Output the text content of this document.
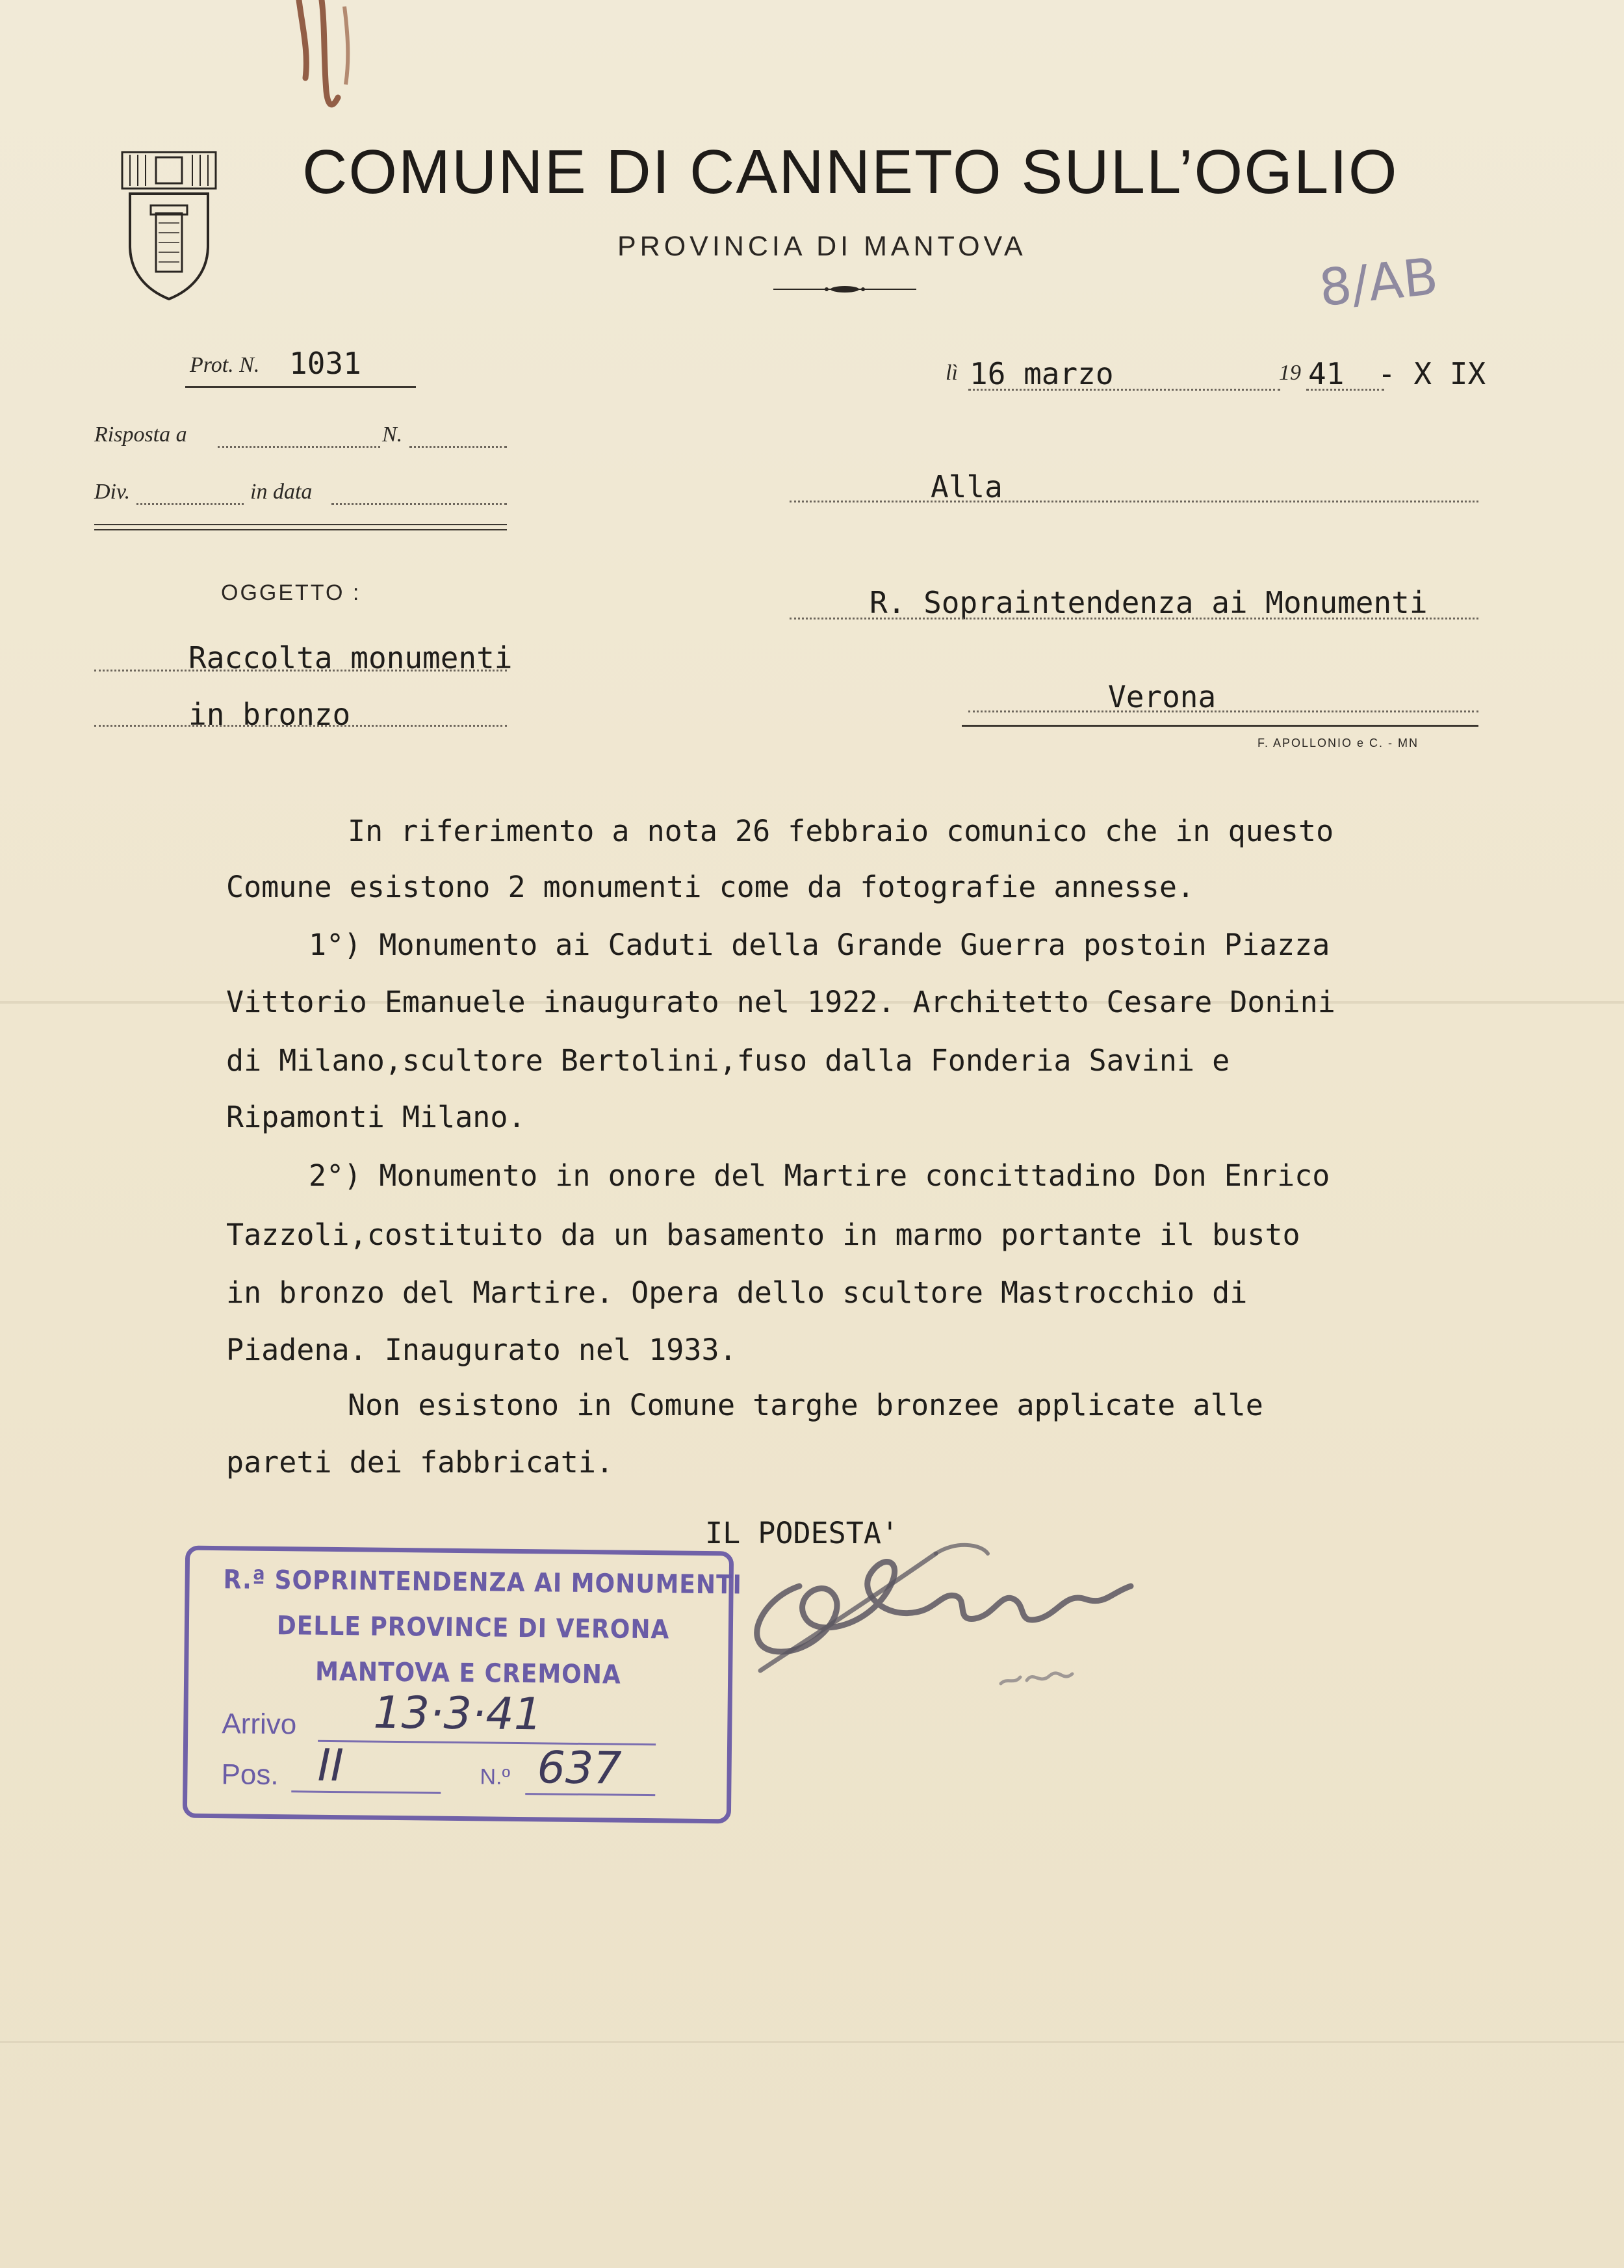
COMUNE DI CANNETO SULL’OGLIO
PROVINCIA DI MANTOVA
8/AB
Prot. N. 1031
Risposta a	N.
Div.	in data
lì 16 marzo	19 41 - X IX
Alla
R. Sopraintendenza ai Monumenti
Verona
F. APOLLONIO e C. - MN
OGGETTO :
Raccolta monumenti
in bronzo
In riferimento a nota 26 febbraio comunico che in questo
Comune esistono 2 monumenti come da fotografie annesse.
1°) Monumento ai Caduti della Grande Guerra postoin Piazza
Vittorio Emanuele inaugurato nel 1922. Architetto Cesare Donini
di Milano,scultore Bertolini,fuso dalla Fonderia Savini e
Ripamonti Milano.
2°) Monumento in onore del Martire concittadino Don Enrico
Tazzoli,costituito da un basamento in marmo portante il busto
in bronzo del Martire. Opera dello scultore Mastrocchio di
Piadena. Inaugurato nel 1933.
Non esistono in Comune targhe bronzee applicate alle
pareti dei fabbricati.
IL PODESTA'
R.ª SOPRINTENDENZA AI MONUMENTI
DELLE PROVINCE DI VERONA
MANTOVA E CREMONA
Arrivo 13·3·41
Pos. II	N.º 637
